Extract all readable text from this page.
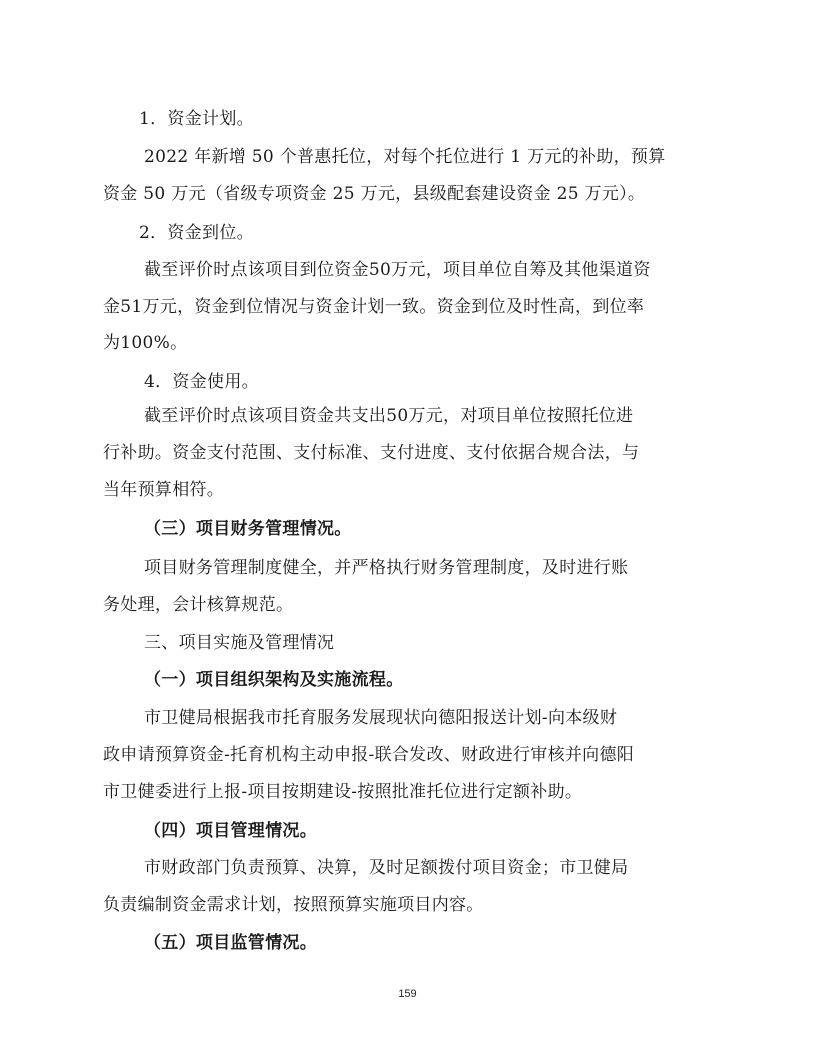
1．资金计划。
2022 年新增 50 个普惠托位，对每个托位进行 1 万元的补助，预算
资金 50 万元（省级专项资金 25 万元，县级配套建设资金 25 万元）。
2．资金到位。
截至评价时点该项目到位资金50万元，项目单位自筹及其他渠道资
金51万元，资金到位情况与资金计划一致。资金到位及时性高，到位率
为100%。
4．资金使用。
截至评价时点该项目资金共支出50万元，对项目单位按照托位进
行补助。资金支付范围、支付标准、支付进度、支付依据合规合法，与
当年预算相符。
（三）项目财务管理情况。
项目财务管理制度健全，并严格执行财务管理制度，及时进行账
务处理，会计核算规范。
三、项目实施及管理情况
（一）项目组织架构及实施流程。
市卫健局根据我市托育服务发展现状向德阳报送计划-向本级财
政申请预算资金-托育机构主动申报-联合发改、财政进行审核并向德阳
市卫健委进行上报-项目按期建设-按照批准托位进行定额补助。
（四）项目管理情况。
市财政部门负责预算、决算，及时足额拨付项目资金；市卫健局
负责编制资金需求计划，按照预算实施项目内容。
（五）项目监管情况。
159
